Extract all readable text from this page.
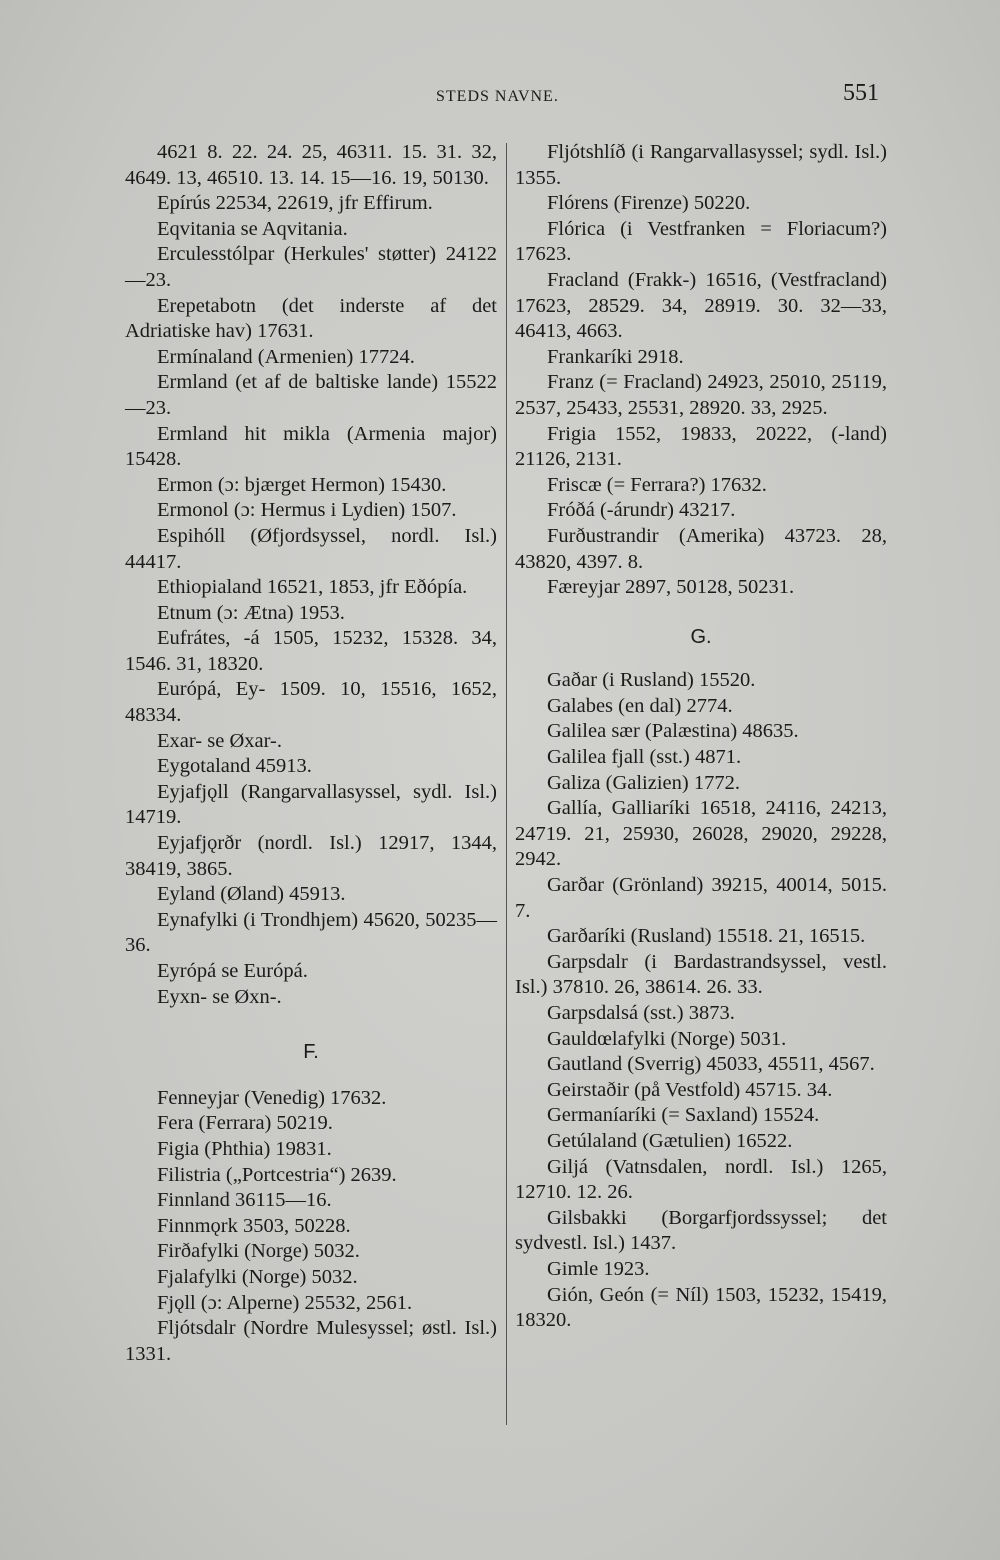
STEDS NAVNE.	551

4621 8. 22. 24. 25, 46311. 15. 31. 32, 4649. 13, 46510. 13. 14. 15—16. 19, 50130.

Epírús 22534, 22619, jfr Effirum.

Eqvitania se Aqvitania.

Erculesstólpar (Herkules' støtter) 24122—23.

Erepetabotn (det inderste af det Adriatiske hav) 17631.

Ermínaland (Armenien) 17724.

Ermland (et af de baltiske lande) 15522—23.

Ermland hit mikla (Armenia major) 15428.

Ermon (ɔ: bjærget Hermon) 15430.

Ermonol (ɔ: Hermus i Lydien) 1507.

Espihóll (Øfjordsyssel, nordl. Isl.) 44417.

Ethiopialand 16521, 1853, jfr Eðópía.

Etnum (ɔ: Ætna) 1953.

Eufrátes, -á 1505, 15232, 15328. 34, 1546. 31, 18320.

Európá, Ey- 1509. 10, 15516, 1652, 48334.

Exar- se Øxar-.

Eygotaland 45913.

Eyjafjǫll (Rangarvallasyssel, sydl. Isl.) 14719.

Eyjafjǫrðr (nordl. Isl.) 12917, 1344, 38419, 3865.

Eyland (Øland) 45913.

Eynafylki (i Trondhjem) 45620, 50235—36.

Eyrópá se Európá.

Eyxn- se Øxn-.

F.

Fenneyjar (Venedig) 17632.

Fera (Ferrara) 50219.

Figia (Phthia) 19831.

Filistria („Portcestria“) 2639.

Finnland 36115—16.

Finnmǫrk 3503, 50228.

Firðafylki (Norge) 5032.

Fjalafylki (Norge) 5032.

Fjǫll (ɔ: Alperne) 25532, 2561.

Fljótsdalr (Nordre Mulesyssel; østl. Isl.) 1331.

Fljótshlíð (i Rangarvallasyssel; sydl. Isl.) 1355.

Flórens (Firenze) 50220.

Flórica (i Vestfranken = Floriacum?) 17623.

Fracland (Frakk-) 16516, (Vestfracland) 17623, 28529. 34, 28919. 30. 32—33, 46413, 4663.

Frankaríki 2918.

Franz (= Fracland) 24923, 25010, 25119, 2537, 25433, 25531, 28920. 33, 2925.

Frigia 1552, 19833, 20222, (-land) 21126, 2131.

Friscæ (= Ferrara?) 17632.

Fróðá (-árundr) 43217.

Furðustrandir (Amerika) 43723. 28, 43820, 4397. 8.

Færeyjar 2897, 50128, 50231.

G.

Gaðar (i Rusland) 15520.

Galabes (en dal) 2774.

Galilea sær (Palæstina) 48635.

Galilea fjall (sst.) 4871.

Galiza (Galizien) 1772.

Gallía, Galliaríki 16518, 24116, 24213, 24719. 21, 25930, 26028, 29020, 29228, 2942.

Garðar (Grönland) 39215, 40014, 5015. 7.

Garðaríki (Rusland) 15518. 21, 16515.

Garpsdalr (i Bardastrandsyssel, vestl. Isl.) 37810. 26, 38614. 26. 33.

Garpsdalsá (sst.) 3873.

Gauldœlafylki (Norge) 5031.

Gautland (Sverrig) 45033, 45511, 4567.

Geirstaðir (på Vestfold) 45715. 34.

Germaníaríki (= Saxland) 15524.

Getúlaland (Gætulien) 16522.

Giljá (Vatnsdalen, nordl. Isl.) 1265, 12710. 12. 26.

Gilsbakki (Borgarfjordssyssel; det sydvestl. Isl.) 1437.

Gimle 1923.

Gión, Geón (= Níl) 1503, 15232, 15419, 18320.
